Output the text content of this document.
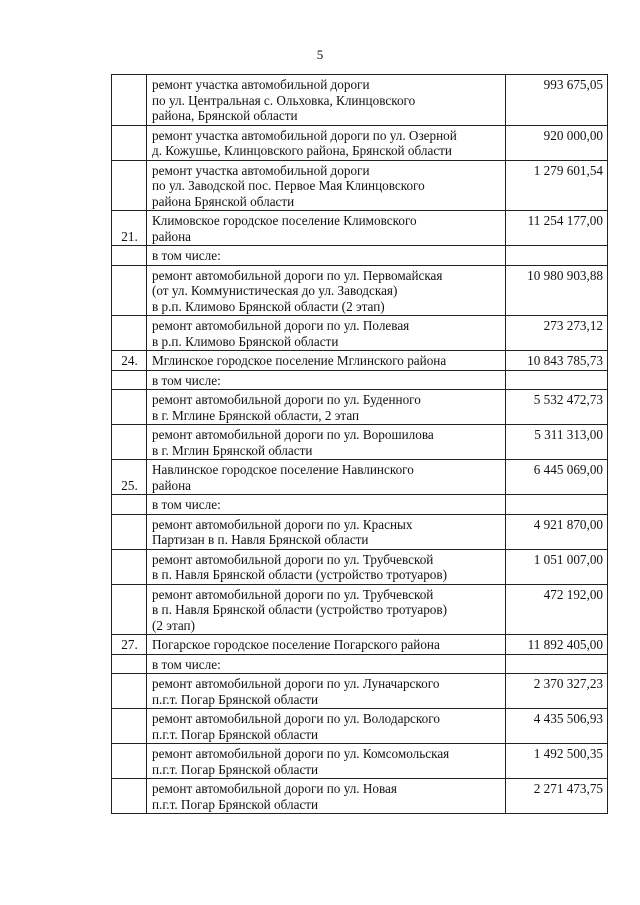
5

	ремонт участка автомобильной дороги
по ул. Центральная с. Ольховка, Клинцовского
района, Брянской области	993 675,05

	ремонт участка автомобильной дороги по ул. Озерной
д. Кожушье, Клинцовского района, Брянской области	920 000,00

	ремонт участка автомобильной дороги
по ул. Заводской пос. Первое Мая Клинцовского
района Брянской области	1 279 601,54
21.	Климовское городское поселение Климовского
района	11 254 177,00

	в том числе:	

	ремонт автомобильной дороги по ул. Первомайская
(от ул. Коммунистическая до ул. Заводская)
в р.п. Климово Брянской области (2 этап)	10 980 903,88

	ремонт автомобильной дороги по ул. Полевая
в р.п. Климово Брянской области	273 273,12
24.	Мглинское городское поселение Мглинского района	10 843 785,73

	в том числе:	

	ремонт автомобильной дороги по ул. Буденного
в г. Мглине Брянской области, 2 этап	5 532 472,73

	ремонт автомобильной дороги по ул. Ворошилова
в г. Мглин Брянской области	5 311 313,00
25.	Навлинское городское поселение Навлинского
района	6 445 069,00

	в том числе:	

	ремонт автомобильной дороги по ул. Красных
Партизан в п. Навля Брянской области	4 921 870,00

	ремонт автомобильной дороги по ул. Трубчевской
в п. Навля Брянской области (устройство тротуаров)	1 051 007,00

	ремонт автомобильной дороги по ул. Трубчевской
в п. Навля Брянской области (устройство тротуаров)
(2 этап)	472 192,00
27.	Погарское городское поселение Погарского района	11 892 405,00

	в том числе:	

	ремонт автомобильной дороги по ул. Луначарского
п.г.т. Погар Брянской области	2 370 327,23

	ремонт автомобильной дороги по ул. Володарского
п.г.т. Погар Брянской области	4 435 506,93

	ремонт автомобильной дороги по ул. Комсомольская
п.г.т. Погар Брянской области	1 492 500,35

	ремонт автомобильной дороги по ул. Новая
п.г.т. Погар Брянской области	2 271 473,75
